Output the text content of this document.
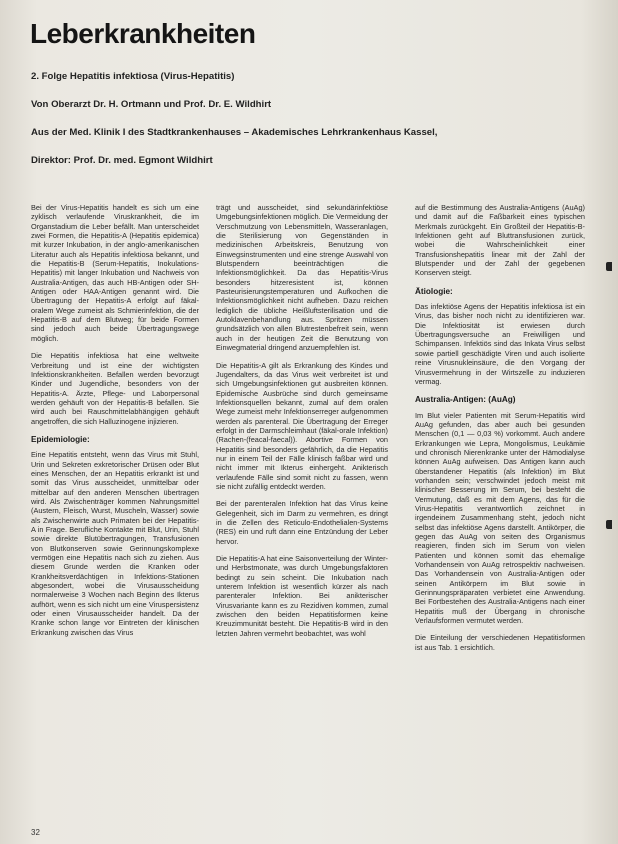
Leberkrankheiten
2. Folge Hepatitis infektiosa (Virus-Hepatitis)
Von Oberarzt Dr. H. Ortmann und Prof. Dr. E. Wildhirt
Aus der Med. Klinik I des Stadtkrankenhauses – Akademisches Lehrkrankenhaus Kassel,
Direktor: Prof. Dr. med. Egmont Wildhirt

Bei der Virus-Hepatitis handelt es sich um eine zyklisch verlaufende Viruskrankheit, die im Organstadium die Leber befällt. Man unterscheidet zwei Formen, die Hepatitis-A (Hepatitis epidemica) mit kurzer Inkubation, in der anglo-amerikanischen Literatur auch als Hepatitis infektiosa bekannt, und die Hepatitis-B (Serum-Hepatitis, Inokulations-Hepatitis) mit langer Inkubation und Nachweis von Australia-Antigen, das auch HB-Antigen oder SH-Antigen oder HAA-Antigen genannt wird. Die Übertragung der Hepatitis-A erfolgt auf fäkal-oralem Wege zumeist als Schmierinfektion, die der Hepatitis-B auf dem Blutweg; für beide Formen sind jedoch auch beide Übertragungswege möglich.

Die Hepatitis infektiosa hat eine weltweite Verbreitung und ist eine der wichtigsten Infektionskrankheiten. Befallen werden bevorzugt Kinder und Jugendliche, besonders von der Hepatitis-A. Ärzte, Pflege- und Laborpersonal werden gehäuft von der Hepatitis-B befallen. Sie wird auch bei Rauschmittelabhängigen gehäuft angetroffen, die sich Halluzinogene injizieren.

Epidemiologie:

Eine Hepatitis entsteht, wenn das Virus mit Stuhl, Urin und Sekreten exkretorischer Drüsen oder Blut eines Menschen, der an Hepatitis erkrankt ist und somit das Virus ausscheidet, unmittelbar oder mittelbar auf den anderen Menschen übertragen wird. Als Zwischenträger kommen Nahrungsmittel (Austern, Fleisch, Wurst, Muscheln, Wasser) sowie als Zwischenwirte auch Primaten bei der Hepatitis-A in Frage. Berufliche Kontakte mit Blut, Urin, Stuhl sowie direkte Blutübertragungen, Transfusionen von Blutkonserven sowie Gerinnungskomplexe vermögen eine Hepatitis nach sich zu ziehen. Aus diesem Grunde werden die Kranken oder Krankheitsverdächtigen in Infektions-Stationen abgesondert, wobei die Virusausscheidung normalerweise 3 Wochen nach Beginn des Ikterus aufhört, wenn es sich nicht um eine Viruspersistenz oder einen Virusausscheider handelt. Da der Kranke schon lange vor Eintreten der klinischen Erkrankung zwischen das Virus

trägt und ausscheidet, sind sekundärinfektiöse Umgebungsinfektionen möglich. Die Vermeidung der Verschmutzung von Lebensmitteln, Wasseranlagen, die Sterilisierung von Gegenständen in medizinischen Arbeitskreis, Benutzung von Einwegsinstrumenten und eine strenge Auswahl von Blutspendern beeinträchtigen die Infektionsmöglichkeit. Da das Hepatitis-Virus besonders hitzeresistent ist, können Pasteurisierungstemperaturen und Aufkochen die Infektionsmöglichkeit nicht aufheben. Dazu reichen lediglich die übliche Heißluftsterilisation und die Autoklavenbehandlung aus. Spritzen müssen grundsätzlich von allen Blutrestenbefreit sein, wenn auch in der heutigen Zeit die Benutzung von Einwegmaterial dringend anzuempfehlen ist.

Die Hepatitis-A gilt als Erkrankung des Kindes und Jugendalters, da das Virus weit verbreitet ist und sich Umgebungsinfektionen gut ausbreiten können. Epidemische Ausbrüche sind durch gemeinsame Infektionsquellen bekannt, zumal auf dem oralen Wege zumeist mehr Infektionserreger aufgenommen werden als parenteral. Die Übertragung der Erreger erfolgt in der Darmschleimhaut (fäkal-orale Infektion) (Rachen-(feacal-faecal)). Abortive Formen von Hepatitis sind besonders gefährlich, da die Hepatitis nur in einem Teil der Fälle klinisch faßbar wird und nicht immer mit Ikterus einhergeht. Anikterisch verlaufende Fälle sind somit nicht zu fassen, wenn sie nicht zufällig entdeckt werden.

Bei der parenteralen Infektion hat das Virus keine Gelegenheit, sich im Darm zu vermehren, es dringt in die Zellen des Reticulo-Endothelialen-Systems (RES) ein und ruft dann eine Entzündung der Leber hervor.

Die Hepatitis-A hat eine Saisonverteilung der Winter- und Herbstmonate, was durch Umgebungsfaktoren bedingt zu sein scheint. Die Inkubation nach unterem Infektion ist wesentlich kürzer als nach parenteraler Infektion. Bei anikterischer Virusvariante kann es zu Rezidiven kommen, zumal zwischen den beiden Hepatitisformen keine Kreuzimmunität besteht. Die Hepatitis-B wird in den letzten Jahren vermehrt beobachtet, was wohl

auf die Bestimmung des Australia-Antigens (AuAg) und damit auf die Faßbarkeit eines typischen Merkmals zurückgeht. Ein Großteil der Hepatitis-B-Infektionen geht auf Bluttransfusionen zurück, wobei die Wahrscheinlichkeit einer Transfusionshepatitis linear mit der Zahl der Blutspender und der Zahl der gegebenen Konserven steigt.

Ätiologie:

Das infektiöse Agens der Hepatitis infektiosa ist ein Virus, das bisher noch nicht zu identifizieren war. Die Infektiosität ist erwiesen durch Übertragungsversuche an Freiwilligen und Schimpansen. Infektiös sind das Inkata Virus selbst sowie partiell geschädigte Viren und auch isolierte reine Virusnukleinsäure, die den Vorgang der Virusvermehrung in der Wirtszelle zu induzieren vermag.

Australia-Antigen: (AuAg)

Im Blut vieler Patienten mit Serum-Hepatitis wird AuAg gefunden, das aber auch bei gesunden Menschen (0,1 — 0,03 %) vorkommt. Auch andere Erkrankungen wie Lepra, Mongolismus, Leukämie und chronisch Nierenkranke unter der Hämodialyse können AuAg aufweisen. Das Antigen kann auch überstandener Hepatitis (als Infektion) im Blut vorhanden sein; verschwindet jedoch meist mit klinischer Besserung im Serum, bei besteht die Vermutung, daß es mit dem Agens, das für die Virus-Hepatitis verantwortlich zeichnet in irgendeinem Zusammenhang steht, jedoch nicht selbst das infektiöse Agens darstellt. Antikörper, die gegen das AuAg von seiten des Organismus reagieren, finden sich im Serum von vielen Patienten und können somit das ehemalige Vorhandensein von AuAg retrospektiv nachweisen. Das Vorhandensein von Australia-Antigen oder seinen Antikörpern im Blut sowie in Gerinnungspräparaten verbietet eine Anwendung. Bei Fortbestehen des Australia-Antigens nach einer Hepatitis muß der Übergang in chronische Verlaufsformen vermutet werden.

Die Einteilung der verschiedenen Hepatitisformen ist aus Tab. 1 ersichtlich.

32
